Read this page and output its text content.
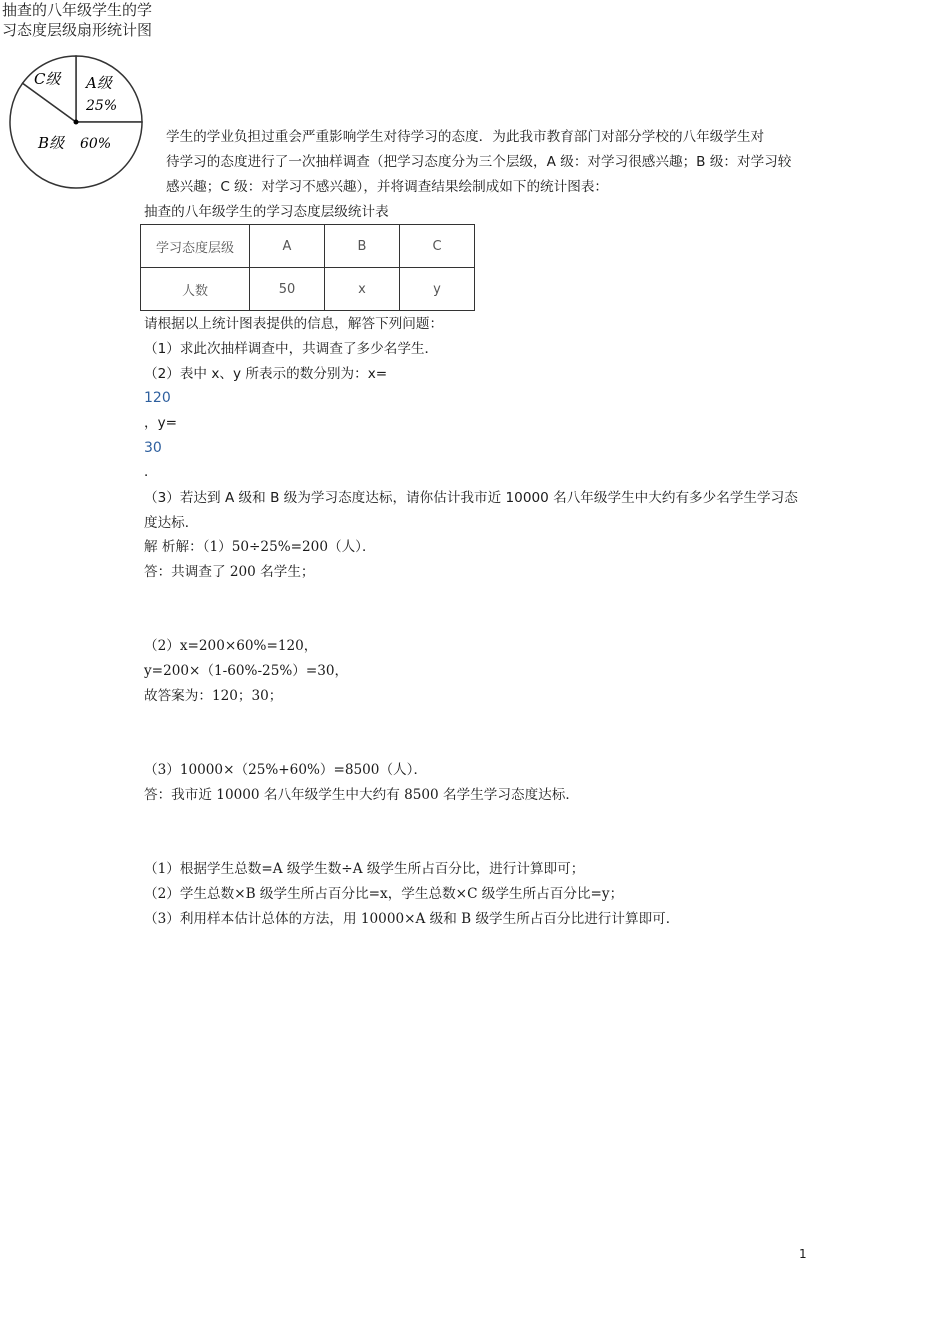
抽查的八年级学生的学
习态度层级扇形统计图
C级 A级
25%
B级 60%	学生的学业负担过重会严重影响学生对待学习的态度．为此我市教育部门对部分学校的八年级学生对
待学习的态度进行了一次抽样调查（把学习态度分为三个层级，A 级：对学习很感兴趣；B 级：对学习较
感兴趣；C 级：对学习不感兴趣），并将调查结果绘制成如下的统计图表：
抽查的八年级学生的学习态度层级统计表
学习态度层级	A	B	C
人数	50	x	y
请根据以上统计图表提供的信息，解答下列问题：
（1）求此次抽样调查中，共调查了多少名学生．
（2）表中 x、y 所表示的数分别为：x=
120
，y=
30
．
（3）若达到 A 级和 B 级为学习态度达标，请你估计我市近 10000 名八年级学生中大约有多少名学生学习态
度达标．
解 析解：（1）50÷25%=200（人）．
答：共调查了 200 名学生；
（2）x=200×60%=120，
y=200×（1-60%-25%）=30，
故答案为：120；30；
（3）10000×（25%+60%）=8500（人）．
答：我市近 10000 名八年级学生中大约有 8500 名学生学习态度达标．
（1）根据学生总数=A 级学生数÷A 级学生所占百分比，进行计算即可；
（2）学生总数×B 级学生所占百分比=x，学生总数×C 级学生所占百分比=y；
（3）利用样本估计总体的方法，用 10000×A 级和 B 级学生所占百分比进行计算即可．
1
